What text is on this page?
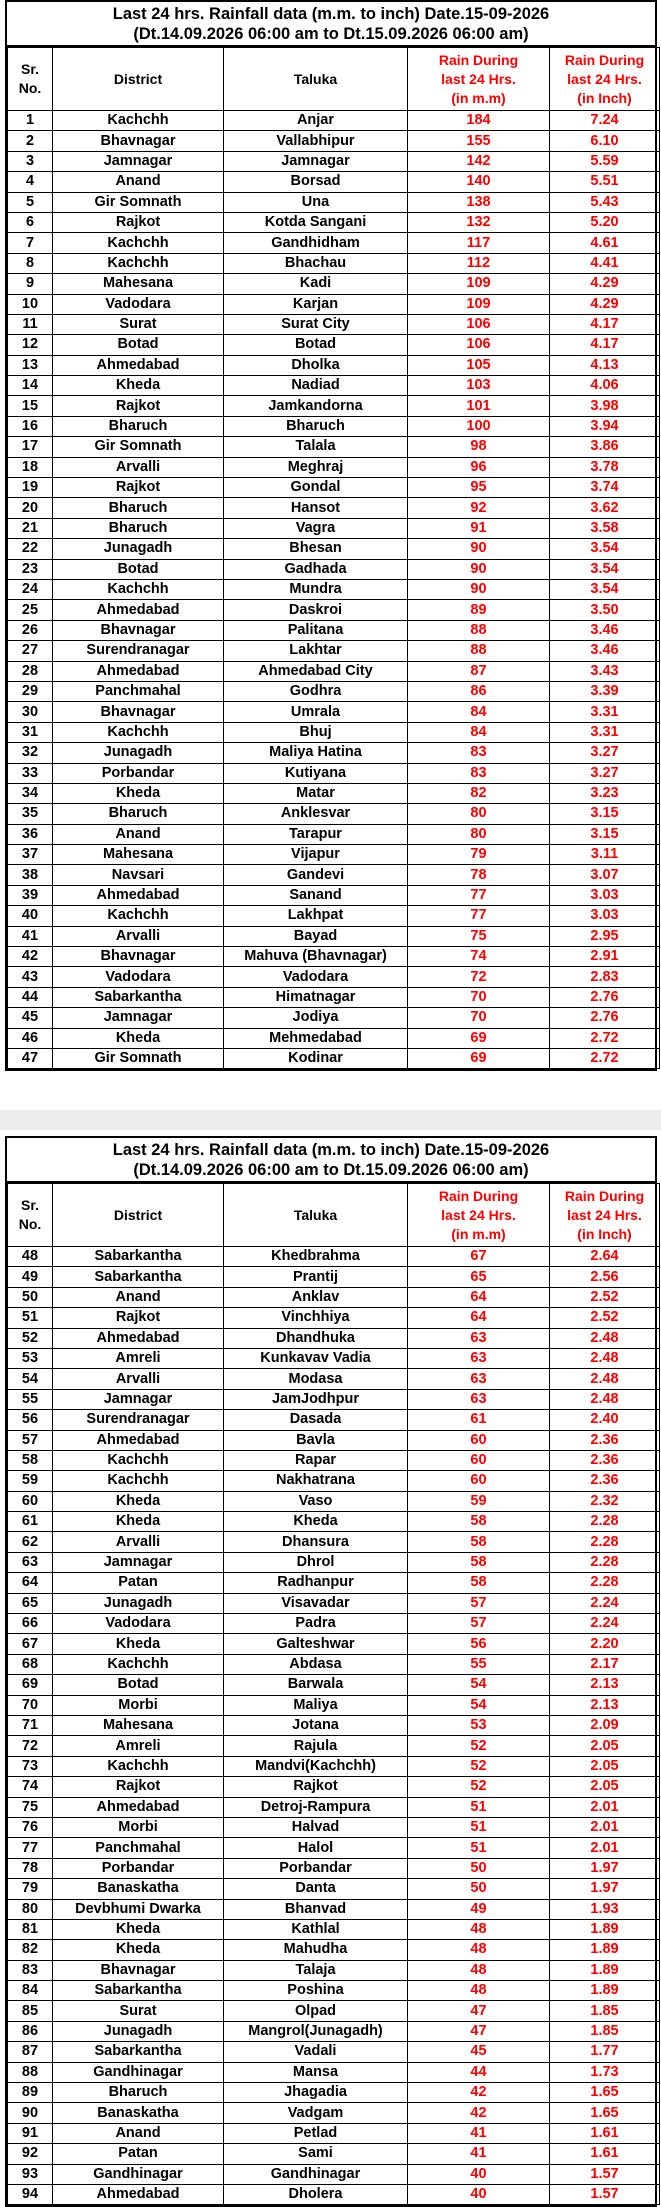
Last 24 hrs. Rainfall data (m.m. to inch) Date.15-09-2026
(Dt.14.09.2026 06:00 am to Dt.15.09.2026 06:00 am)
Sr.
No.	District	Taluka	Rain During
last 24 Hrs.
(in m.m)	Rain During
last 24 Hrs.
(in Inch)
1	Kachchh	Anjar	184	7.24
2	Bhavnagar	Vallabhipur	155	6.10
3	Jamnagar	Jamnagar	142	5.59
4	Anand	Borsad	140	5.51
5	Gir Somnath	Una	138	5.43
6	Rajkot	Kotda Sangani	132	5.20
7	Kachchh	Gandhidham	117	4.61
8	Kachchh	Bhachau	112	4.41
9	Mahesana	Kadi	109	4.29
10	Vadodara	Karjan	109	4.29
11	Surat	Surat City	106	4.17
12	Botad	Botad	106	4.17
13	Ahmedabad	Dholka	105	4.13
14	Kheda	Nadiad	103	4.06
15	Rajkot	Jamkandorna	101	3.98
16	Bharuch	Bharuch	100	3.94
17	Gir Somnath	Talala	98	3.86
18	Arvalli	Meghraj	96	3.78
19	Rajkot	Gondal	95	3.74
20	Bharuch	Hansot	92	3.62
21	Bharuch	Vagra	91	3.58
22	Junagadh	Bhesan	90	3.54
23	Botad	Gadhada	90	3.54
24	Kachchh	Mundra	90	3.54
25	Ahmedabad	Daskroi	89	3.50
26	Bhavnagar	Palitana	88	3.46
27	Surendranagar	Lakhtar	88	3.46
28	Ahmedabad	Ahmedabad City	87	3.43
29	Panchmahal	Godhra	86	3.39
30	Bhavnagar	Umrala	84	3.31
31	Kachchh	Bhuj	84	3.31
32	Junagadh	Maliya Hatina	83	3.27
33	Porbandar	Kutiyana	83	3.27
34	Kheda	Matar	82	3.23
35	Bharuch	Anklesvar	80	3.15
36	Anand	Tarapur	80	3.15
37	Mahesana	Vijapur	79	3.11
38	Navsari	Gandevi	78	3.07
39	Ahmedabad	Sanand	77	3.03
40	Kachchh	Lakhpat	77	3.03
41	Arvalli	Bayad	75	2.95
42	Bhavnagar	Mahuva (Bhavnagar)	74	2.91
43	Vadodara	Vadodara	72	2.83
44	Sabarkantha	Himatnagar	70	2.76
45	Jamnagar	Jodiya	70	2.76
46	Kheda	Mehmedabad	69	2.72
47	Gir Somnath	Kodinar	69	2.72
Last 24 hrs. Rainfall data (m.m. to inch) Date.15-09-2026
(Dt.14.09.2026 06:00 am to Dt.15.09.2026 06:00 am)
Sr.
No.	District	Taluka	Rain During
last 24 Hrs.
(in m.m)	Rain During
last 24 Hrs.
(in Inch)
48	Sabarkantha	Khedbrahma	67	2.64
49	Sabarkantha	Prantij	65	2.56
50	Anand	Anklav	64	2.52
51	Rajkot	Vinchhiya	64	2.52
52	Ahmedabad	Dhandhuka	63	2.48
53	Amreli	Kunkavav Vadia	63	2.48
54	Arvalli	Modasa	63	2.48
55	Jamnagar	JamJodhpur	63	2.48
56	Surendranagar	Dasada	61	2.40
57	Ahmedabad	Bavla	60	2.36
58	Kachchh	Rapar	60	2.36
59	Kachchh	Nakhatrana	60	2.36
60	Kheda	Vaso	59	2.32
61	Kheda	Kheda	58	2.28
62	Arvalli	Dhansura	58	2.28
63	Jamnagar	Dhrol	58	2.28
64	Patan	Radhanpur	58	2.28
65	Junagadh	Visavadar	57	2.24
66	Vadodara	Padra	57	2.24
67	Kheda	Galteshwar	56	2.20
68	Kachchh	Abdasa	55	2.17
69	Botad	Barwala	54	2.13
70	Morbi	Maliya	54	2.13
71	Mahesana	Jotana	53	2.09
72	Amreli	Rajula	52	2.05
73	Kachchh	Mandvi(Kachchh)	52	2.05
74	Rajkot	Rajkot	52	2.05
75	Ahmedabad	Detroj-Rampura	51	2.01
76	Morbi	Halvad	51	2.01
77	Panchmahal	Halol	51	2.01
78	Porbandar	Porbandar	50	1.97
79	Banaskatha	Danta	50	1.97
80	Devbhumi Dwarka	Bhanvad	49	1.93
81	Kheda	Kathlal	48	1.89
82	Kheda	Mahudha	48	1.89
83	Bhavnagar	Talaja	48	1.89
84	Sabarkantha	Poshina	48	1.89
85	Surat	Olpad	47	1.85
86	Junagadh	Mangrol(Junagadh)	47	1.85
87	Sabarkantha	Vadali	45	1.77
88	Gandhinagar	Mansa	44	1.73
89	Bharuch	Jhagadia	42	1.65
90	Banaskatha	Vadgam	42	1.65
91	Anand	Petlad	41	1.61
92	Patan	Sami	41	1.61
93	Gandhinagar	Gandhinagar	40	1.57
94	Ahmedabad	Dholera	40	1.57
